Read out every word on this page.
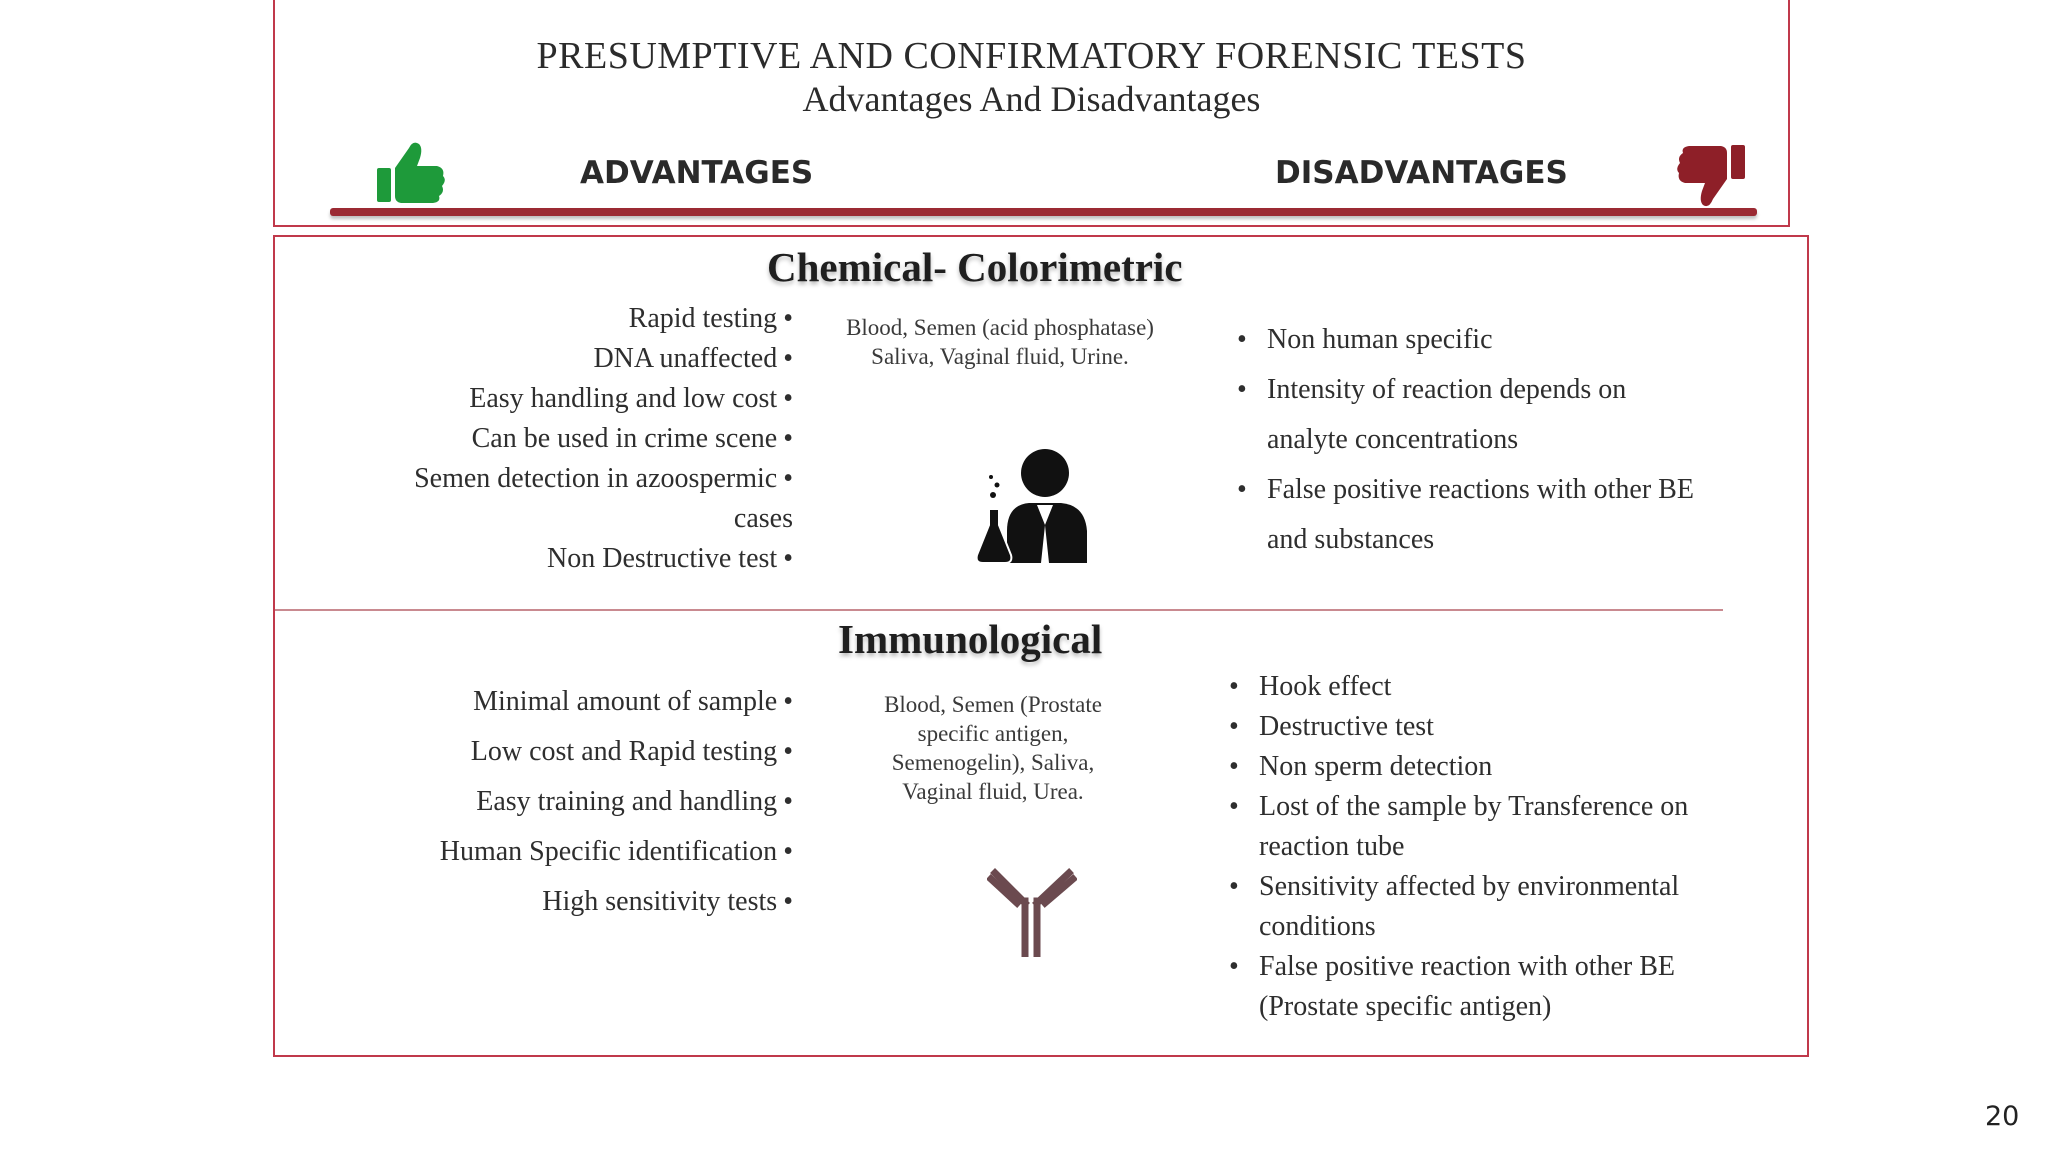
PRESUMPTIVE AND CONFIRMATORY FORENSIC TESTS
Advantages And Disadvantages
ADVANTAGES	DISADVANTAGES
Chemical- Colorimetric
Rapid testing •
DNA unaffected •
Easy handling and low cost •
Can be used in crime scene •
Semen detection in azoospermic •
cases
Non Destructive test •
Blood, Semen (acid phosphatase) Saliva, Vaginal fluid, Urine.
• Non human specific
• Intensity of reaction depends on analyte concentrations
• False positive reactions with other BE and substances
Immunological
Minimal amount of sample •
Low cost and Rapid testing •
Easy training and handling •
Human Specific identification •
High sensitivity tests •
Blood, Semen (Prostate specific antigen, Semenogelin), Saliva, Vaginal fluid, Urea.
• Hook effect
• Destructive test
• Non sperm detection
• Lost of the sample by Transference on reaction tube
• Sensitivity affected by environmental conditions
• False positive reaction with other BE (Prostate specific antigen)
20
